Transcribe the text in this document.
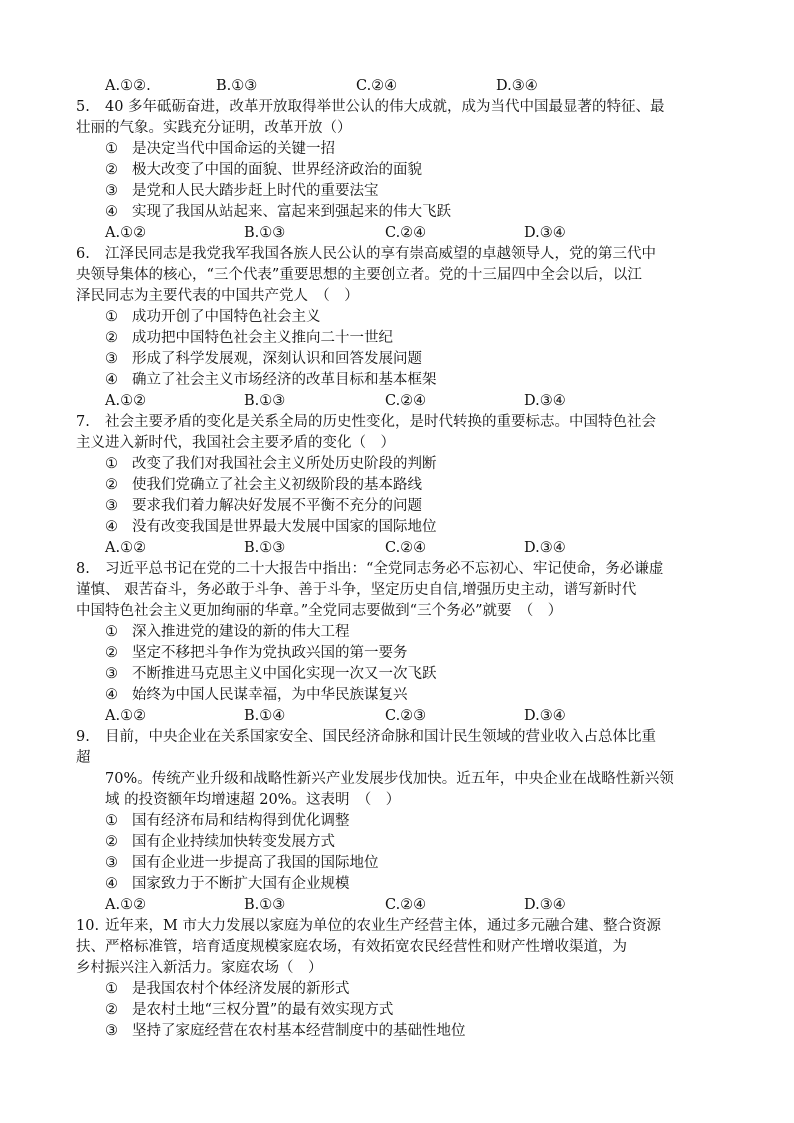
A.①②.	B.①③	C.②④	D.③④
5. 40 多年砥砺奋进，改革开放取得举世公认的伟大成就，成为当代中国最显著的特征、最
壮丽的气象。实践充分证明，改革开放（）
① 是决定当代中国命运的关键一招
② 极大改变了中国的面貌、世界经济政治的面貌
③ 是党和人民大踏步赶上时代的重要法宝
④ 实现了我国从站起来、富起来到强起来的伟大飞跃
A.①②	B.①③	C.②④	D.③④
6. 江泽民同志是我党我军我国各族人民公认的享有崇高威望的卓越领导人，党的第三代中
央领导集体的核心，“三个代表”重要思想的主要创立者。党的十三届四中全会以后，以江
泽民同志为主要代表的中国共产党人　（　）
① 成功开创了中国特色社会主义
② 成功把中国特色社会主义推向二十一世纪
③ 形成了科学发展观，深刻认识和回答发展问题
④ 确立了社会主义市场经济的改革目标和基本框架
A.①②	B.①③	C.②④	D.③④
7. 社会主要矛盾的变化是关系全局的历史性变化，是时代转换的重要标志。中国特色社会
主义进入新时代，我国社会主要矛盾的变化（　）
① 改变了我们对我国社会主义所处历史阶段的判断
② 使我们党确立了社会主义初级阶段的基本路线
③ 要求我们着力解决好发展不平衡不充分的问题
④ 没有改变我国是世界最大发展中国家的国际地位
A.①②	B.①③	C.②④	D.③④
8. 习近平总书记在党的二十大报告中指出：“全党同志务必不忘初心、牢记使命，务必谦虚
谨慎、 艰苦奋斗，务必敢于斗争、善于斗争，坚定历史自信,增强历史主动，谱写新时代
中国特色社会主义更加绚丽的华章。”全党同志要做到“三个务必”就要　（　）
① 深入推进党的建设的新的伟大工程
② 坚定不移把斗争作为党执政兴国的第一要务
③ 不断推进马克思主义中国化实现一次又一次飞跃
④ 始终为中国人民谋幸福，为中华民族谋复兴
A.①②	B.①④	C.②③	D.③④
9. 目前，中央企业在关系国家安全、国民经济命脉和国计民生领域的营业收入占总体比重
超
70%。传统产业升级和战略性新兴产业发展步伐加快。近五年，中央企业在战略性新兴领
域 的投资额年均增速超 20%。这表明　（　）
① 国有经济布局和结构得到优化调整
② 国有企业持续加快转变发展方式
③ 国有企业进一步提高了我国的国际地位
④ 国家致力于不断扩大国有企业规模
A.①②	B.①③	C.②④	D.③④
10. 近年来，M 市大力发展以家庭为单位的农业生产经营主体，通过多元融合建、整合资源
扶、严格标准管，培育适度规模家庭农场，有效拓宽农民经营性和财产性增收渠道，为
乡村振兴注入新活力。家庭农场（　）
① 是我国农村个体经济发展的新形式
② 是农村土地“三权分置”的最有效实现方式
③ 坚持了家庭经营在农村基本经营制度中的基础性地位
